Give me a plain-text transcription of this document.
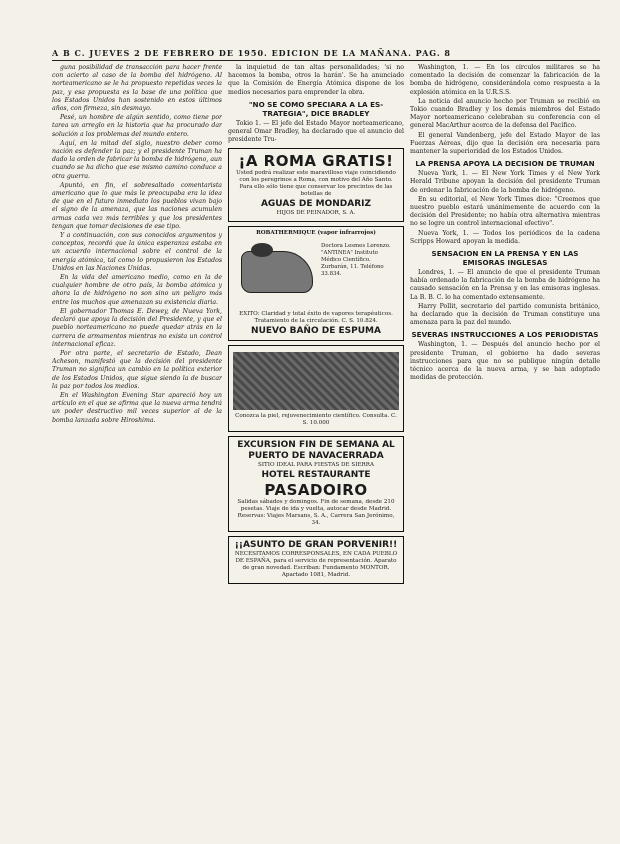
A B C. JUEVES 2 DE FEBRERO DE 1950. EDICION DE LA MAÑANA. PAG. 8

guna posibilidad de transacción para hacer frente con acierto al caso de la bomba del hidrógeno. Al norteamericano se le ha propuesto repetidas veces la paz, y esa propuesta es la base de una política que los Estados Unidos han sostenido en estos últimos años, con firmeza, sin desmayo.

Pesé, un hombre de algún sentido, como tiene por tarea un arreglo en la historia que ha procurado dar solución a los problemas del mundo entero.

Aquí, en la mitad del siglo, nuestro deber como nación es defender la paz; y el presidente Truman ha dado la orden de fabricar la bomba de hidrógeno, aun cuando se ha dicho que ese mismo camino conduce a otra guerra.

Apuntó, en fin, el sobresaltado comentarista americano que lo que más le preocupaba era la idea de que en el futuro inmediato los pueblos vivan bajo el signo de la amenaza, que las naciones acumulen armas cada vez más terribles y que los presidentes tengan que tomar decisiones de ese tipo.

Y a continuación, con sus conocidos argumentos y conceptos, recordó que la única esperanza estaba en un acuerdo internacional sobre el control de la energía atómica, tal como lo propusieron los Estados Unidos en las Naciones Unidas.

En la vida del americano medio, como en la de cualquier hombre de otro país, la bomba atómica y ahora la de hidrógeno no son sino un peligro más entre los muchos que amenazan su existencia diaria.

El gobernador Thomas E. Dewey, de Nueva York, declaró que apoya la decisión del Presidente, y que el pueblo norteamericano no puede quedar atrás en la carrera de armamentos mientras no exista un control internacional eficaz.

Por otra parte, el secretario de Estado, Dean Acheson, manifestó que la decisión del presidente Truman no significa un cambio en la política exterior de los Estados Unidos, que sigue siendo la de buscar la paz por todos los medios.

En el Washington Evening Star apareció hoy un artículo en el que se afirma que la nueva arma tendrá un poder destructivo mil veces superior al de la bomba lanzada sobre Hiroshima.

la inquietud de tan altas personalidades; 'si no hacemos la bomba, otros la harán'. Se ha anunciado que la Comisión de Energía Atómica dispone de los medios necesarios para emprender la obra.

"NO SE COMO SPECIARA A LA ES- TRATEGIA", DICE BRADLEY

Tokio 1. — El jefe del Estado Mayor norteamericano, general Omar Bradley, ha declarado que el anuncio del presidente Tru-

¡A ROMA GRATIS!

Usted podrá realizar este maravilloso viaje coincidiendo con los peregrinos a Roma, con motivo del Año Santo. Para ello sólo tiene que conservar los precintos de las botellas de

AGUAS DE MONDARIZ

HIJOS DE PEINADOR, S. A.

ROBATHERMIQUE (vapor infrarrojos)

Doctora Lesmes Lorenzo. "ANTINEA" Instituto Médico Científico. Zurbarán, 11. Teléfono 33.834.

EXITO: Claridad y total éxito de vapores terapéuticos. Tratamiento de la circulación. C. S. 10.824.

NUEVO BAÑO DE ESPUMA

Conozca la piel, rejuvenecimiento científico. Consulta. C. S. 10.000

EXCURSION FIN DE SEMANA AL PUERTO DE NAVACERRADA

SITIO IDEAL PARA FIESTAS DE SIERRA

HOTEL RESTAURANTE
PASADOIRO

Salidas sábados y domingos. Fin de semana, desde 210 pesetas. Viaje de ida y vuelta, autocar desde Madrid. Reservas: Viajes Marsans, S. A., Carrera San Jerónimo, 34.

¡¡ASUNTO DE GRAN PORVENIR!!

NECESITAMOS CORRESPONSALES, EN CADA PUEBLO DE ESPAÑA, para el servicio de representación. Aparato de gran novedad. Escriban: Fundamento MONTOR. Apartado 1081, Madrid.

Washington, 1. — En los círculos militares se ha comentado la decisión de comenzar la fabricación de la bomba de hidrógeno, considerándola como respuesta a la explosión atómica en la U.R.S.S.

La noticia del anuncio hecho por Truman se recibió en Tokio cuando Bradley y los demás miembros del Estado Mayor norteamericano celebraban su conferencia con el general MacArthur acerca de la defensa del Pacífico.

El general Vandenberg, jefe del Estado Mayor de las Fuerzas Aéreas, dijo que la decisión era necesaria para mantener la superioridad de los Estados Unidos.

LA PRENSA APOYA LA DECISION DE TRUMAN

Nueva York, 1. — El New York Times y el New York Herald Tribune apoyan la decisión del presidente Truman de ordenar la fabricación de la bomba de hidrógeno.

En su editorial, el New York Times dice: "Creemos que nuestro pueblo estará unánimemente de acuerdo con la decisión del Presidente; no había otra alternativa mientras no se logre un control internacional efectivo".

Nueva York, 1. — Todos los periódicos de la cadena Scripps Howard apoyan la medida.

SENSACION EN LA PRENSA Y EN LAS EMISORAS INGLESAS

Londres, 1. — El anuncio de que el presidente Truman había ordenado la fabricación de la bomba de hidrógeno ha causado sensación en la Prensa y en las emisoras inglesas. La B. B. C. lo ha comentado extensamente.

Harry Pollit, secretario del partido comunista británico, ha declarado que la decisión de Truman constituye una amenaza para la paz del mundo.

SEVERAS INSTRUCCIONES A LOS PERIODISTAS

Washington, 1. — Después del anuncio hecho por el presidente Truman, el gobierno ha dado severas instrucciones para que no se publique ningún detalle técnico acerca de la nueva arma, y se han adoptado medidas de protección.
